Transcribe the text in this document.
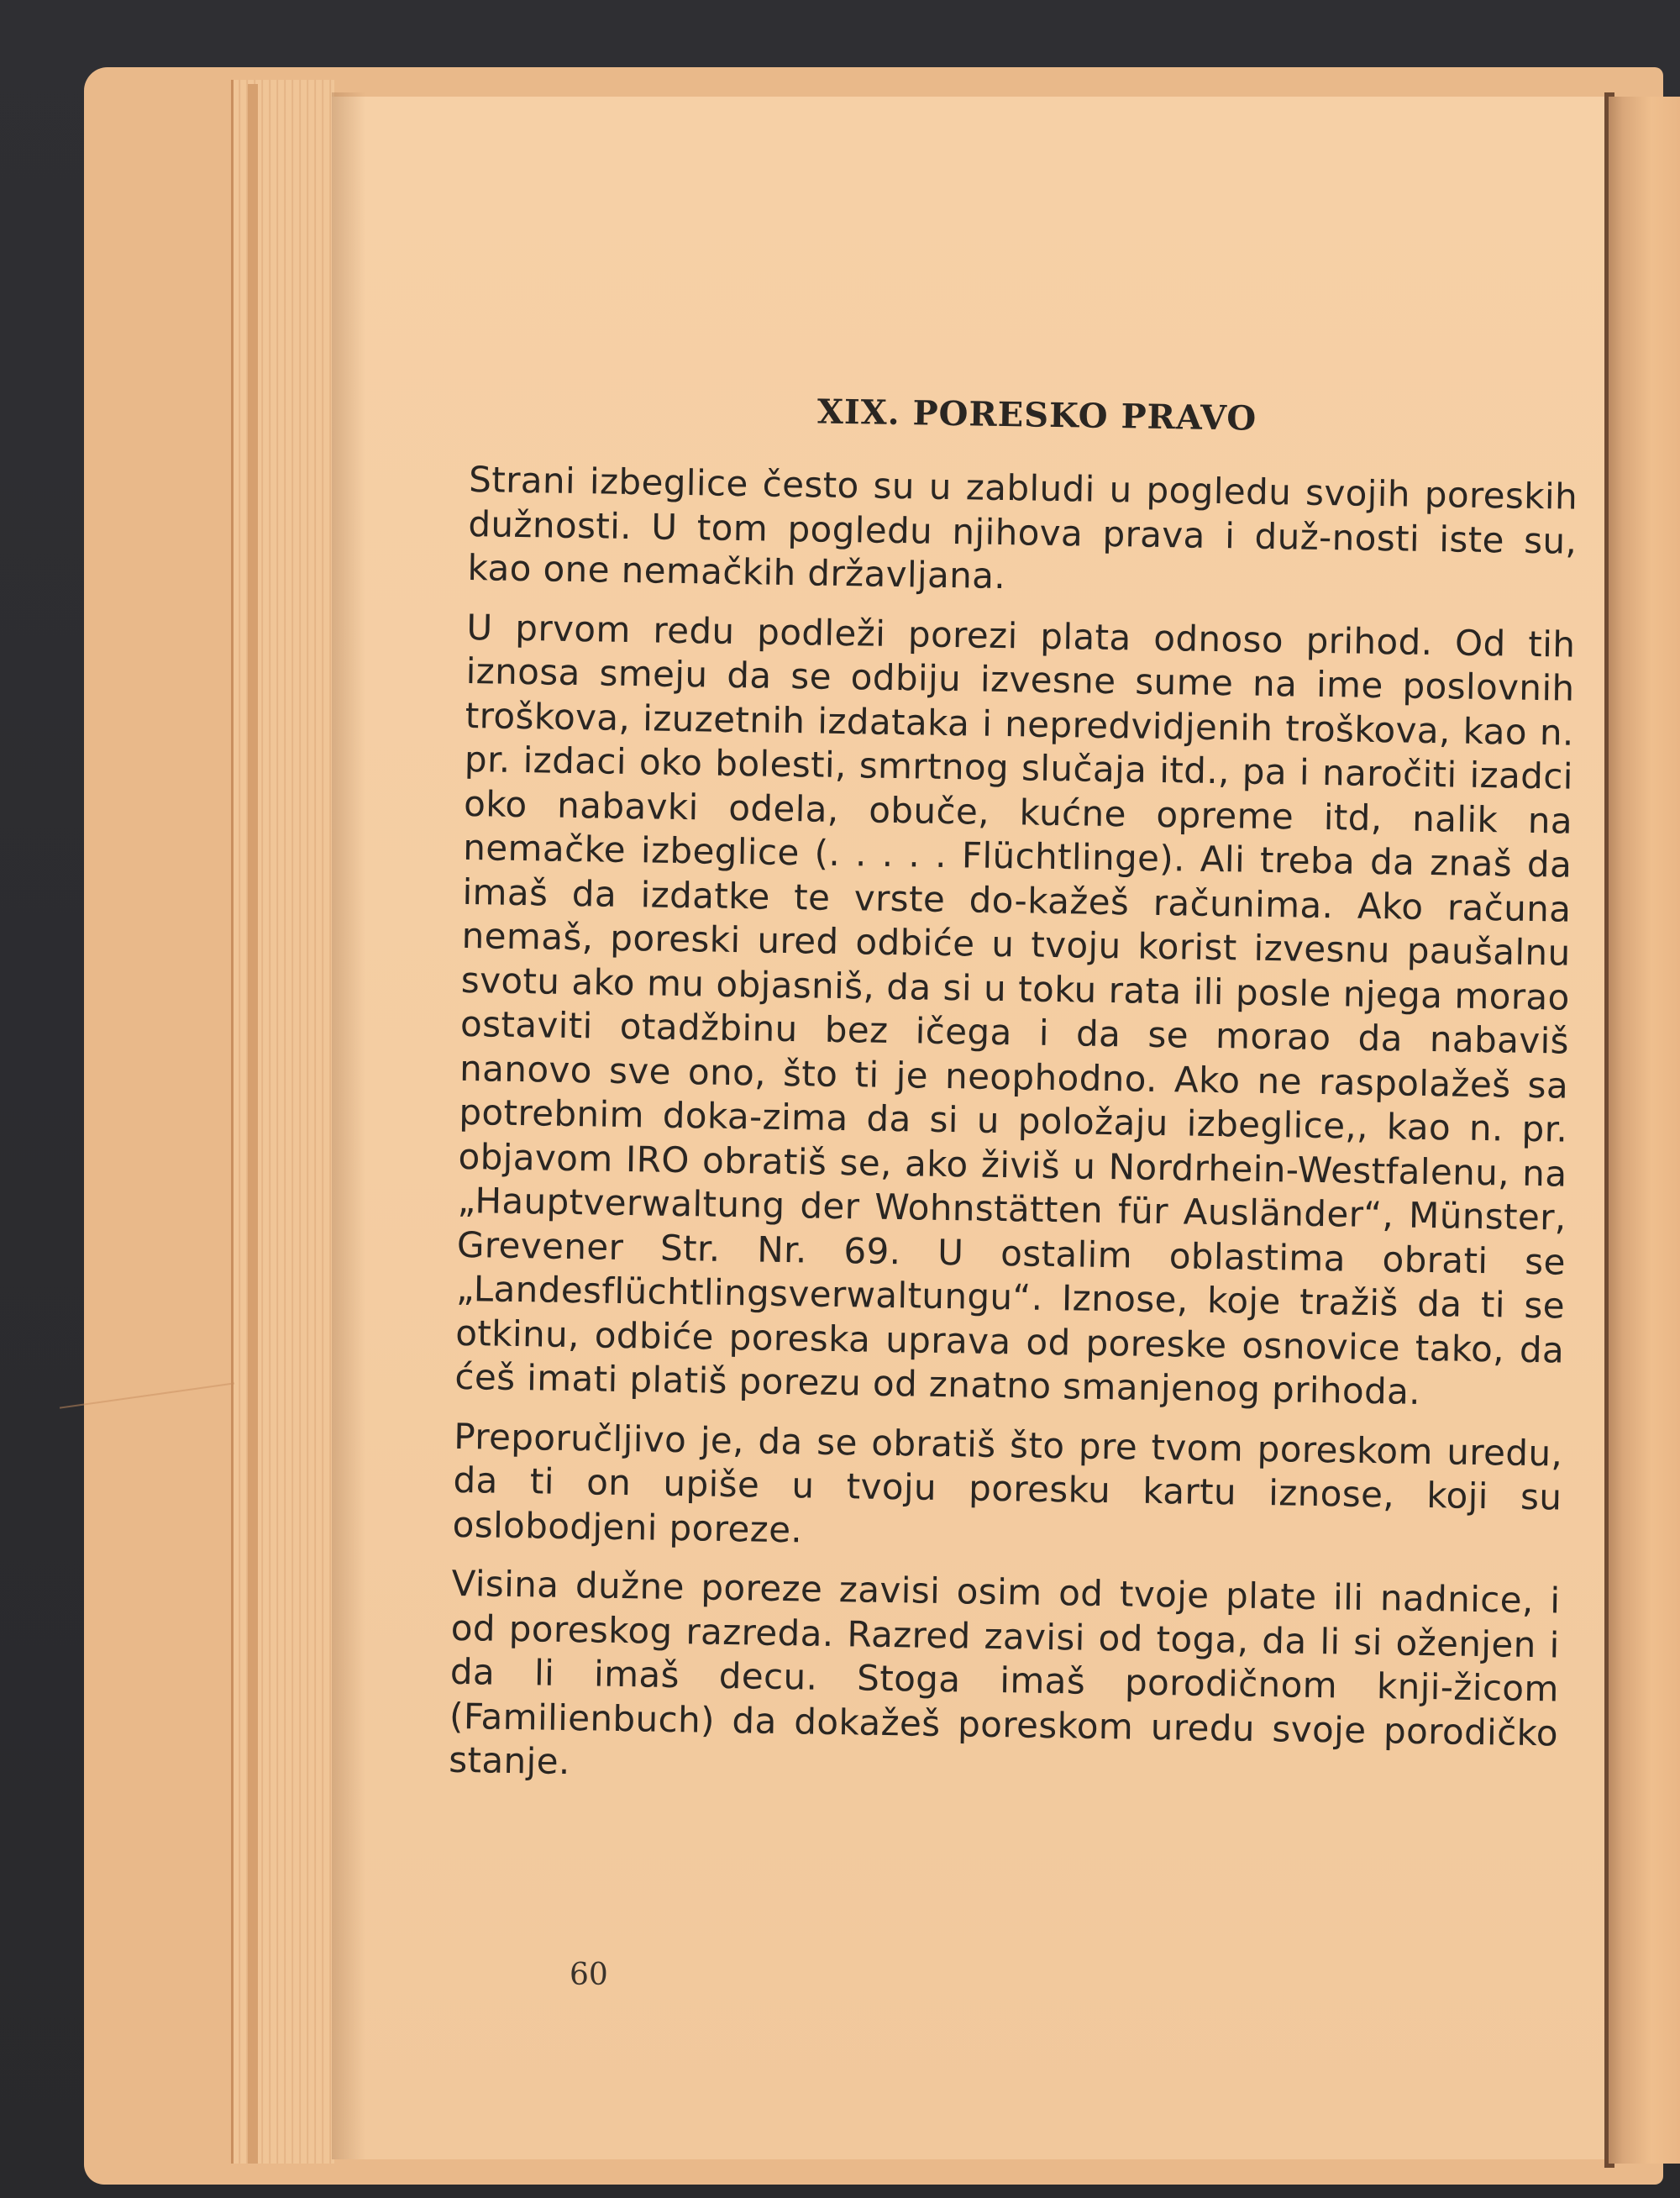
XIX. PORESKO PRAVO

Strani izbeglice često su u zabludi u pogledu svojih poreskih dužnosti. U tom pogledu njihova prava i duž-nosti iste su, kao one nemačkih državljana.

U prvom redu podleži porezi plata odnoso prihod. Od tih iznosa smeju da se odbiju izvesne sume na ime poslovnih troškova, izuzetnih izdataka i nepredvidjenih troškova, kao n. pr. izdaci oko bolesti, smrtnog slučaja itd., pa i naročiti izadci oko nabavki odela, obuče, kućne opreme itd, nalik na nemačke izbeglice (. . . . . Flüchtlinge). Ali treba da znaš da imaš da izdatke te vrste do-kažeš računima. Ako računa nemaš, poreski ured odbiće u tvoju korist izvesnu paušalnu svotu ako mu objasniš, da si u toku rata ili posle njega morao ostaviti otadžbinu bez ičega i da se morao da nabaviš nanovo sve ono, što ti je neophodno. Ako ne raspolažeš sa potrebnim doka-zima da si u položaju izbeglice,, kao n. pr. objavom IRO obratiš se, ako živiš u Nordrhein-Westfalenu, na „Hauptverwaltung der Wohnstätten für Ausländer“, Münster, Grevener Str. Nr. 69. U ostalim oblastima obrati se „Landesflüchtlingsverwaltungu“. Iznose, koje tražiš da ti se otkinu, odbiće poreska uprava od poreske osnovice tako, da ćeš imati platiš porezu od znatno smanjenog prihoda.

Preporučljivo je, da se obratiš što pre tvom poreskom uredu, da ti on upiše u tvoju poresku kartu iznose, koji su oslobodjeni poreze.

Visina dužne poreze zavisi osim od tvoje plate ili nadnice, i od poreskog razreda. Razred zavisi od toga, da li si oženjen i da li imaš decu. Stoga imaš porodičnom knji-žicom (Familienbuch) da dokažeš poreskom uredu svoje porodičko stanje.

60
